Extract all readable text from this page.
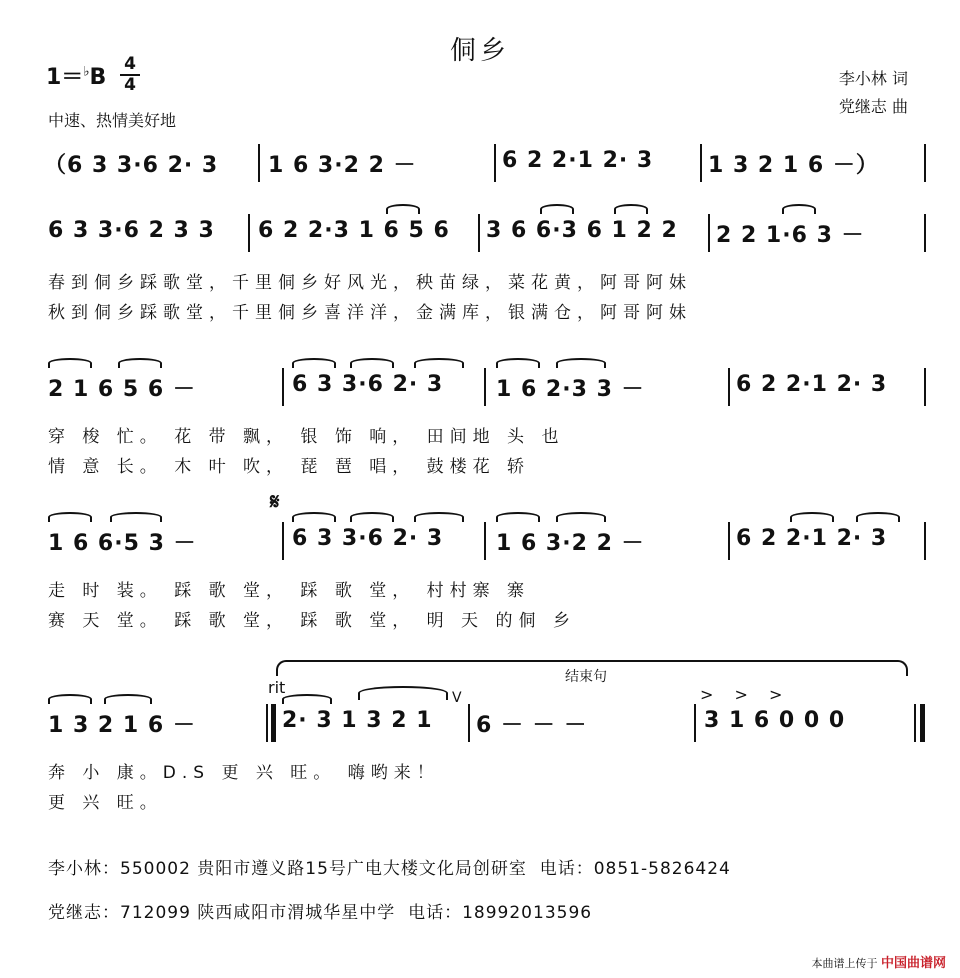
侗乡
1＝♭B
4
4
中速、热情美好地
李小林 词
党继志 曲
（6 3 3·6 2· 3 1 6 3·2 2 －	6 2 2·1 2· 3 1 3 2 1 6 －）
6 3 3·6 2 3 3 6 2 2·3 1 6 5 6 3 6 6·3 6 1 2 2 2 2 1·6 3 －
春到侗乡踩歌堂，千里侗乡好风光，秧苗绿，菜花黄，阿哥阿妹
秋到侗乡踩歌堂，千里侗乡喜洋洋，金满库，银满仓，阿哥阿妹
2 1 6 5 6 －	6 3 3·6 2· 3 1 6 2·3 3 －	6 2 2·1 2· 3
穿 梭 忙。 花 带 飘， 银 饰 响， 田间地 头 也
情 意 长。 木 叶 吹， 琵 琶 唱， 鼓楼花 轿
𝄋
1 6 6·5 3 －	6 3 3·6 2· 3 1 6 3·2 2 －	6 2 2·1 2· 3
走 时 装。 踩 歌 堂， 踩 歌 堂， 村村寨 寨
赛 天 堂。 踩 歌 堂， 踩 歌 堂， 明 天 的侗 乡
结束句
rit	> > >
V
1 3 2 1 6 －	2· 3 1 3 2 1 6 － － －	3 1 6 0 0 0
奔 小 康。D.S 更 兴 旺。 嗨哟来！
更 兴 旺。
李小林：550002 贵阳市遵义路15号广电大楼文化局创研室  电话：0851-5826424
党继志：712099 陕西咸阳市渭城华星中学  电话：18992013596
本曲谱上传于 中国曲谱网
